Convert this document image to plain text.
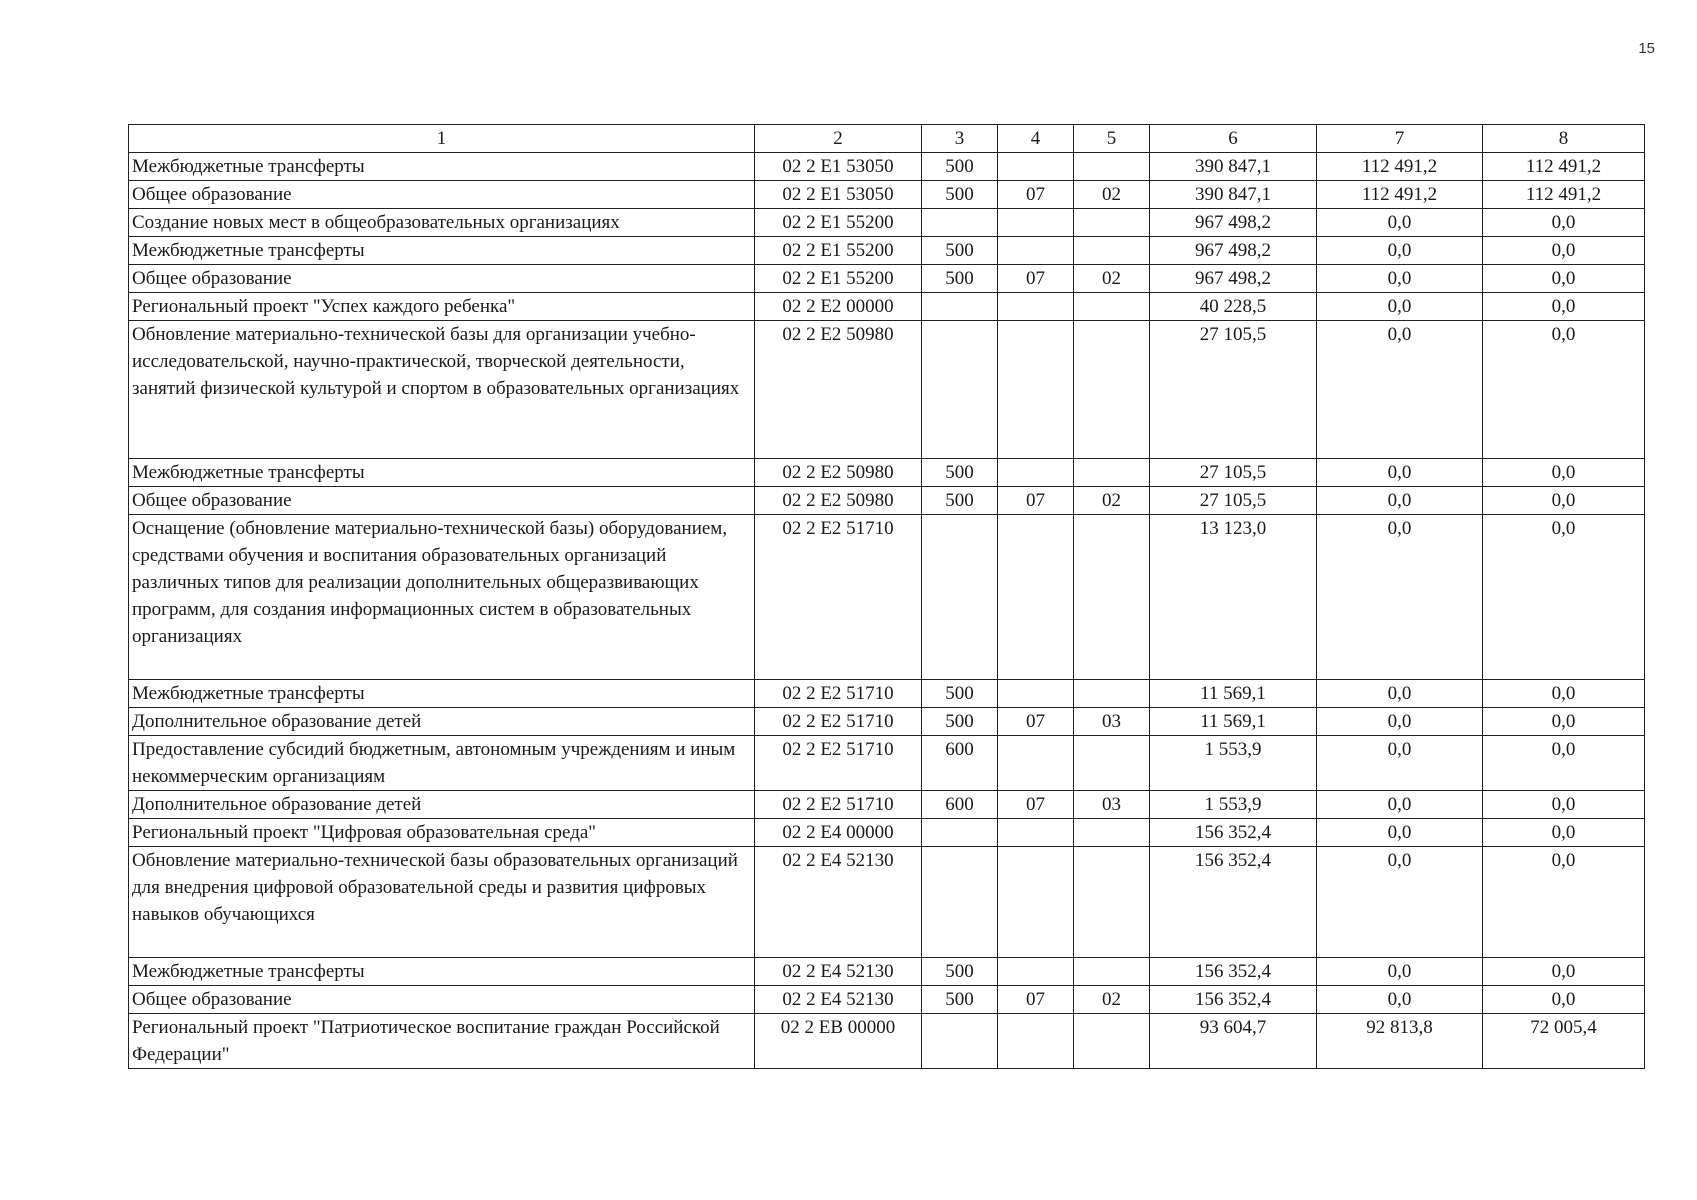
15
1	2	3	4	5	6	7	8
Межбюджетные трансферты	02 2 E1 53050	500			390 847,1	112 491,2	112 491,2
Общее образование	02 2 E1 53050	500	07	02	390 847,1	112 491,2	112 491,2
Создание новых мест в общеобразовательных организациях	02 2 E1 55200				967 498,2	0,0	0,0
Межбюджетные трансферты	02 2 E1 55200	500			967 498,2	0,0	0,0
Общее образование	02 2 E1 55200	500	07	02	967 498,2	0,0	0,0
Региональный проект "Успех каждого ребенка"	02 2 E2 00000				40 228,5	0,0	0,0
Обновление материально-технической базы для организации учебно-исследовательской, научно-практической, творческой деятельности, занятий физической культурой и спортом в образовательных организациях	02 2 E2 50980				27 105,5	0,0	0,0
Межбюджетные трансферты	02 2 E2 50980	500			27 105,5	0,0	0,0
Общее образование	02 2 E2 50980	500	07	02	27 105,5	0,0	0,0
Оснащение (обновление материально-технической базы) оборудованием, средствами обучения и воспитания образовательных организаций различных типов для реализации дополнительных общеразвивающих программ, для создания информационных систем в образовательных организациях	02 2 E2 51710				13 123,0	0,0	0,0
Межбюджетные трансферты	02 2 E2 51710	500			11 569,1	0,0	0,0
Дополнительное образование детей	02 2 E2 51710	500	07	03	11 569,1	0,0	0,0
Предоставление субсидий бюджетным, автономным учреждениям и иным некоммерческим организациям	02 2 E2 51710	600			1 553,9	0,0	0,0
Дополнительное образование детей	02 2 E2 51710	600	07	03	1 553,9	0,0	0,0
Региональный проект "Цифровая образовательная среда"	02 2 E4 00000				156 352,4	0,0	0,0
Обновление материально-технической базы образовательных организаций для внедрения цифровой образовательной среды и развития цифровых навыков обучающихся	02 2 E4 52130				156 352,4	0,0	0,0
Межбюджетные трансферты	02 2 E4 52130	500			156 352,4	0,0	0,0
Общее образование	02 2 E4 52130	500	07	02	156 352,4	0,0	0,0
Региональный проект "Патриотическое воспитание граждан Российской Федерации"	02 2 EB 00000				93 604,7	92 813,8	72 005,4
